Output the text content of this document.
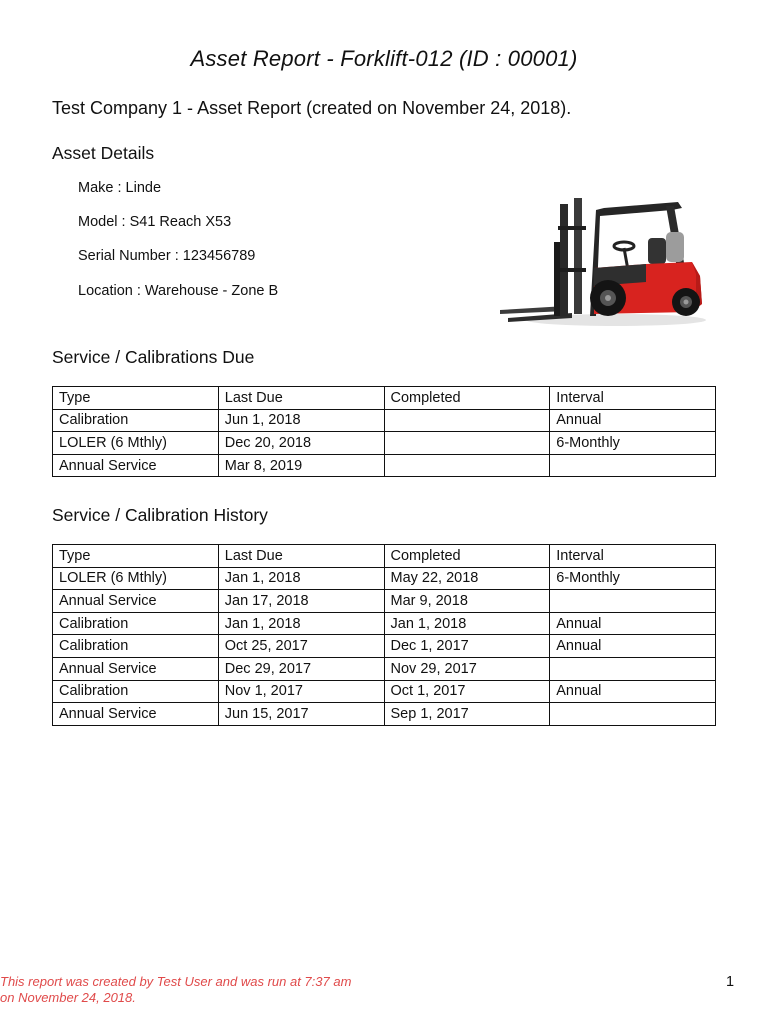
Asset Report - Forklift-012 (ID : 00001)
Test Company 1 - Asset Report (created on November 24, 2018).
Asset Details
Make : Linde
Model : S41 Reach X53
Serial Number : 123456789
Location : Warehouse - Zone B
Service / Calibrations Due
Type	Last Due	Completed	Interval
Calibration	Jun 1, 2018		Annual
LOLER (6 Mthly)	Dec 20, 2018		6-Monthly
Annual Service	Mar 8, 2019		
Service / Calibration History
Type	Last Due	Completed	Interval
LOLER (6 Mthly)	Jan 1, 2018	May 22, 2018	6-Monthly
Annual Service	Jan 17, 2018	Mar 9, 2018	
Calibration	Jan 1, 2018	Jan 1, 2018	Annual
Calibration	Oct 25, 2017	Dec 1, 2017	Annual
Annual Service	Dec 29, 2017	Nov 29, 2017	
Calibration	Nov 1, 2017	Oct 1, 2017	Annual
Annual Service	Jun 15, 2017	Sep 1, 2017	
This report was created by Test User and was run at 7:37 am
on November 24, 2018.
1
